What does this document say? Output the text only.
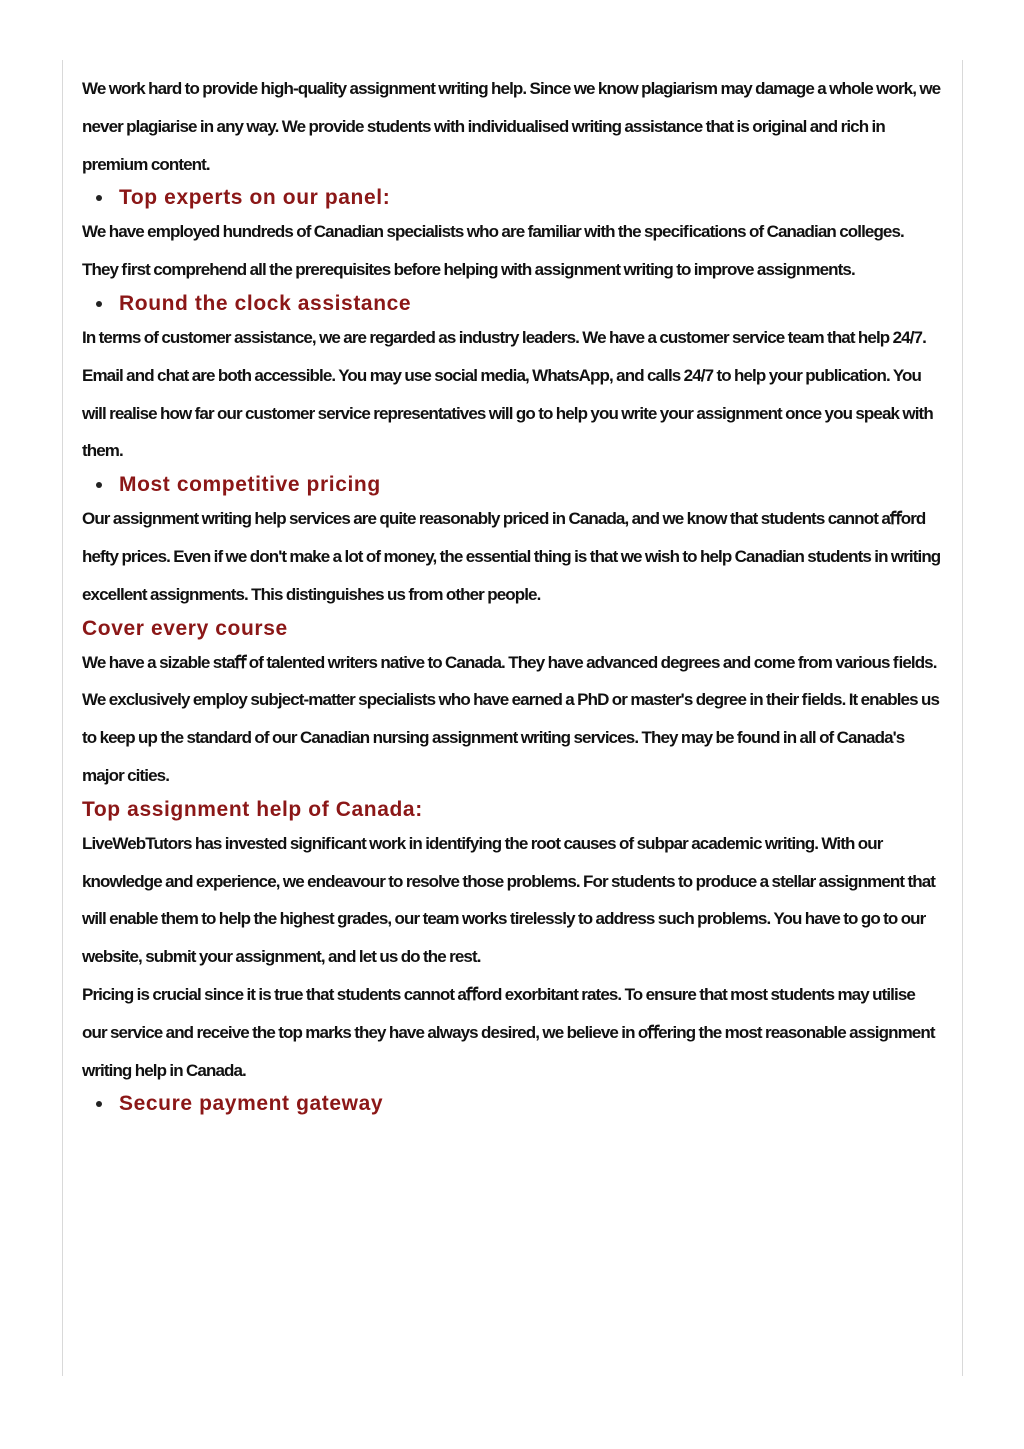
We work hard to provide high-quality assignment writing help. Since we know plagiarism may damage a whole work, we never plagiarise in any way. We provide students with individualised writing assistance that is original and rich in premium content.

Top experts on our panel:

We have employed hundreds of Canadian specialists who are familiar with the speciﬁcations of Canadian colleges. They ﬁrst comprehend all the prerequisites before helping with assignment writing to improve assignments.

Round the clock assistance

In terms of customer assistance, we are regarded as industry leaders. We have a customer service team that help 24/7. Email and chat are both accessible. You may use social media, WhatsApp, and calls 24/7 to help your publication. You will realise how far our customer service representatives will go to help you write your assignment once you speak with them.

Most competitive pricing

Our assignment writing help services are quite reasonably priced in Canada, and we know that students cannot aﬀord hefty prices. Even if we don't make a lot of money, the essential thing is that we wish to help Canadian students in writing excellent assignments. This distinguishes us from other people.

Cover every course

We have a sizable staﬀ of talented writers native to Canada. They have advanced degrees and come from various ﬁelds. We exclusively employ subject-matter specialists who have earned a PhD or master's degree in their ﬁelds. It enables us to keep up the standard of our Canadian nursing assignment writing services. They may be found in all of Canada's major cities.

Top assignment help of Canada:

LiveWebTutors has invested signiﬁcant work in identifying the root causes of subpar academic writing. With our knowledge and experience, we endeavour to resolve those problems. For students to produce a stellar assignment that will enable them to help the highest grades, our team works tirelessly to address such problems. You have to go to our website, submit your assignment, and let us do the rest.

Pricing is crucial since it is true that students cannot aﬀord exorbitant rates. To ensure that most students may utilise our service and receive the top marks they have always desired, we believe in oﬀering the most reasonable assignment writing help in Canada.

Secure payment gateway
